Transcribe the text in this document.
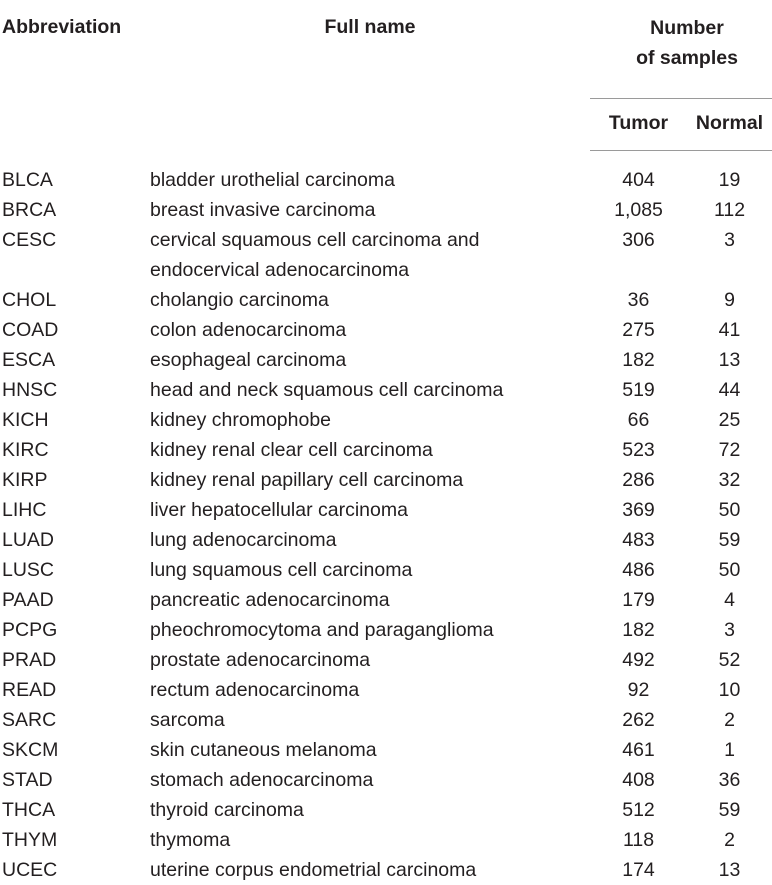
Abbreviation	Full name	Number
of samples	
		Tumor	Normal

BLCA	bladder urothelial carcinoma	404	19
BRCA	breast invasive carcinoma	1,085	112
CESC	cervical squamous cell carcinoma and
endocervical adenocarcinoma	306	3
CHOL	cholangio carcinoma	36	9
COAD	colon adenocarcinoma	275	41
ESCA	esophageal carcinoma	182	13
HNSC	head and neck squamous cell carcinoma	519	44
KICH	kidney chromophobe	66	25
KIRC	kidney renal clear cell carcinoma	523	72
KIRP	kidney renal papillary cell carcinoma	286	32
LIHC	liver hepatocellular carcinoma	369	50
LUAD	lung adenocarcinoma	483	59
LUSC	lung squamous cell carcinoma	486	50
PAAD	pancreatic adenocarcinoma	179	4
PCPG	pheochromocytoma and paraganglioma	182	3
PRAD	prostate adenocarcinoma	492	52
READ	rectum adenocarcinoma	92	10
SARC	sarcoma	262	2
SKCM	skin cutaneous melanoma	461	1
STAD	stomach adenocarcinoma	408	36
THCA	thyroid carcinoma	512	59
THYM	thymoma	118	2
UCEC	uterine corpus endometrial carcinoma	174	13
